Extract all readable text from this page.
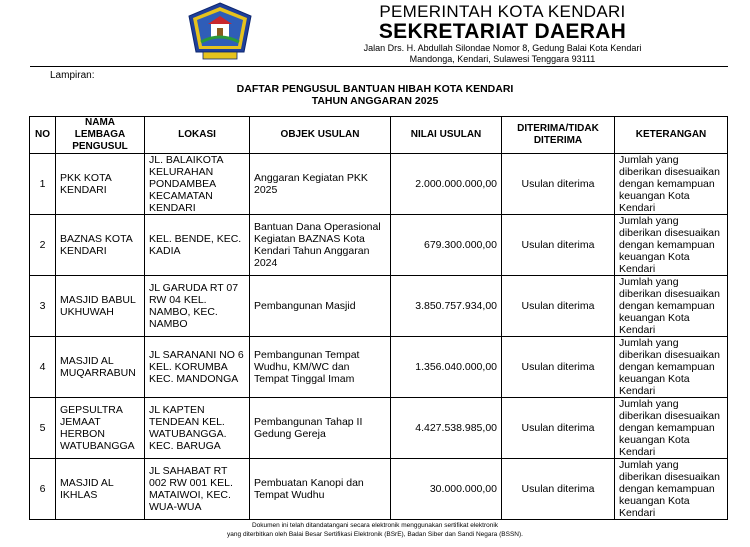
PEMERINTAH KOTA KENDARI
SEKRETARIAT DAERAH
Jalan Drs. H. Abdullah Silondae Nomor 8, Gedung Balai Kota Kendari
Mandonga, Kendari, Sulawesi Tenggara 93111
Lampiran:
DAFTAR PENGUSUL BANTUAN HIBAH KOTA KENDARI
TAHUN ANGGARAN 2025
NO	NAMA LEMBAGA PENGUSUL	LOKASI	OBJEK USULAN	NILAI USULAN	DITERIMA/TIDAK DITERIMA	KETERANGAN
1	PKK KOTA KENDARI	JL. BALAIKOTA KELURAHAN PONDAMBEA KECAMATAN KENDARI	Anggaran Kegiatan PKK 2025	2.000.000.000,00	Usulan diterima	Jumlah yang diberikan disesuaikan dengan kemampuan keuangan Kota Kendari
2	BAZNAS KOTA KENDARI	KEL. BENDE, KEC. KADIA	Bantuan Dana Operasional Kegiatan BAZNAS Kota Kendari Tahun Anggaran 2024	679.300.000,00	Usulan diterima	Jumlah yang diberikan disesuaikan dengan kemampuan keuangan Kota Kendari
3	MASJID BABUL UKHUWAH	JL GARUDA RT 07 RW 04 KEL. NAMBO, KEC. NAMBO	Pembangunan Masjid	3.850.757.934,00	Usulan diterima	Jumlah yang diberikan disesuaikan dengan kemampuan keuangan Kota Kendari
4	MASJID AL MUQARRABUN	JL SARANANI NO 6 KEL. KORUMBA KEC. MANDONGA	Pembangunan Tempat Wudhu, KM/WC dan Tempat Tinggal Imam	1.356.040.000,00	Usulan diterima	Jumlah yang diberikan disesuaikan dengan kemampuan keuangan Kota Kendari
5	GEPSULTRA JEMAAT HERBON WATUBANGGA	JL KAPTEN TENDEAN KEL. WATUBANGGA. KEC. BARUGA	Pembangunan Tahap II Gedung Gereja	4.427.538.985,00	Usulan diterima	Jumlah yang diberikan disesuaikan dengan kemampuan keuangan Kota Kendari
6	MASJID AL IKHLAS	JL SAHABAT RT 002 RW 001 KEL. MATAIWOI, KEC. WUA-WUA	Pembuatan Kanopi dan Tempat Wudhu	30.000.000,00	Usulan diterima	Jumlah yang diberikan disesuaikan dengan kemampuan keuangan Kota Kendari
Dokumen ini telah ditandatangani secara elektronik menggunakan sertifikat elektronik
yang diterbitkan oleh Balai Besar Sertifikasi Elektronik (BSrE), Badan Siber dan Sandi Negara (BSSN).
